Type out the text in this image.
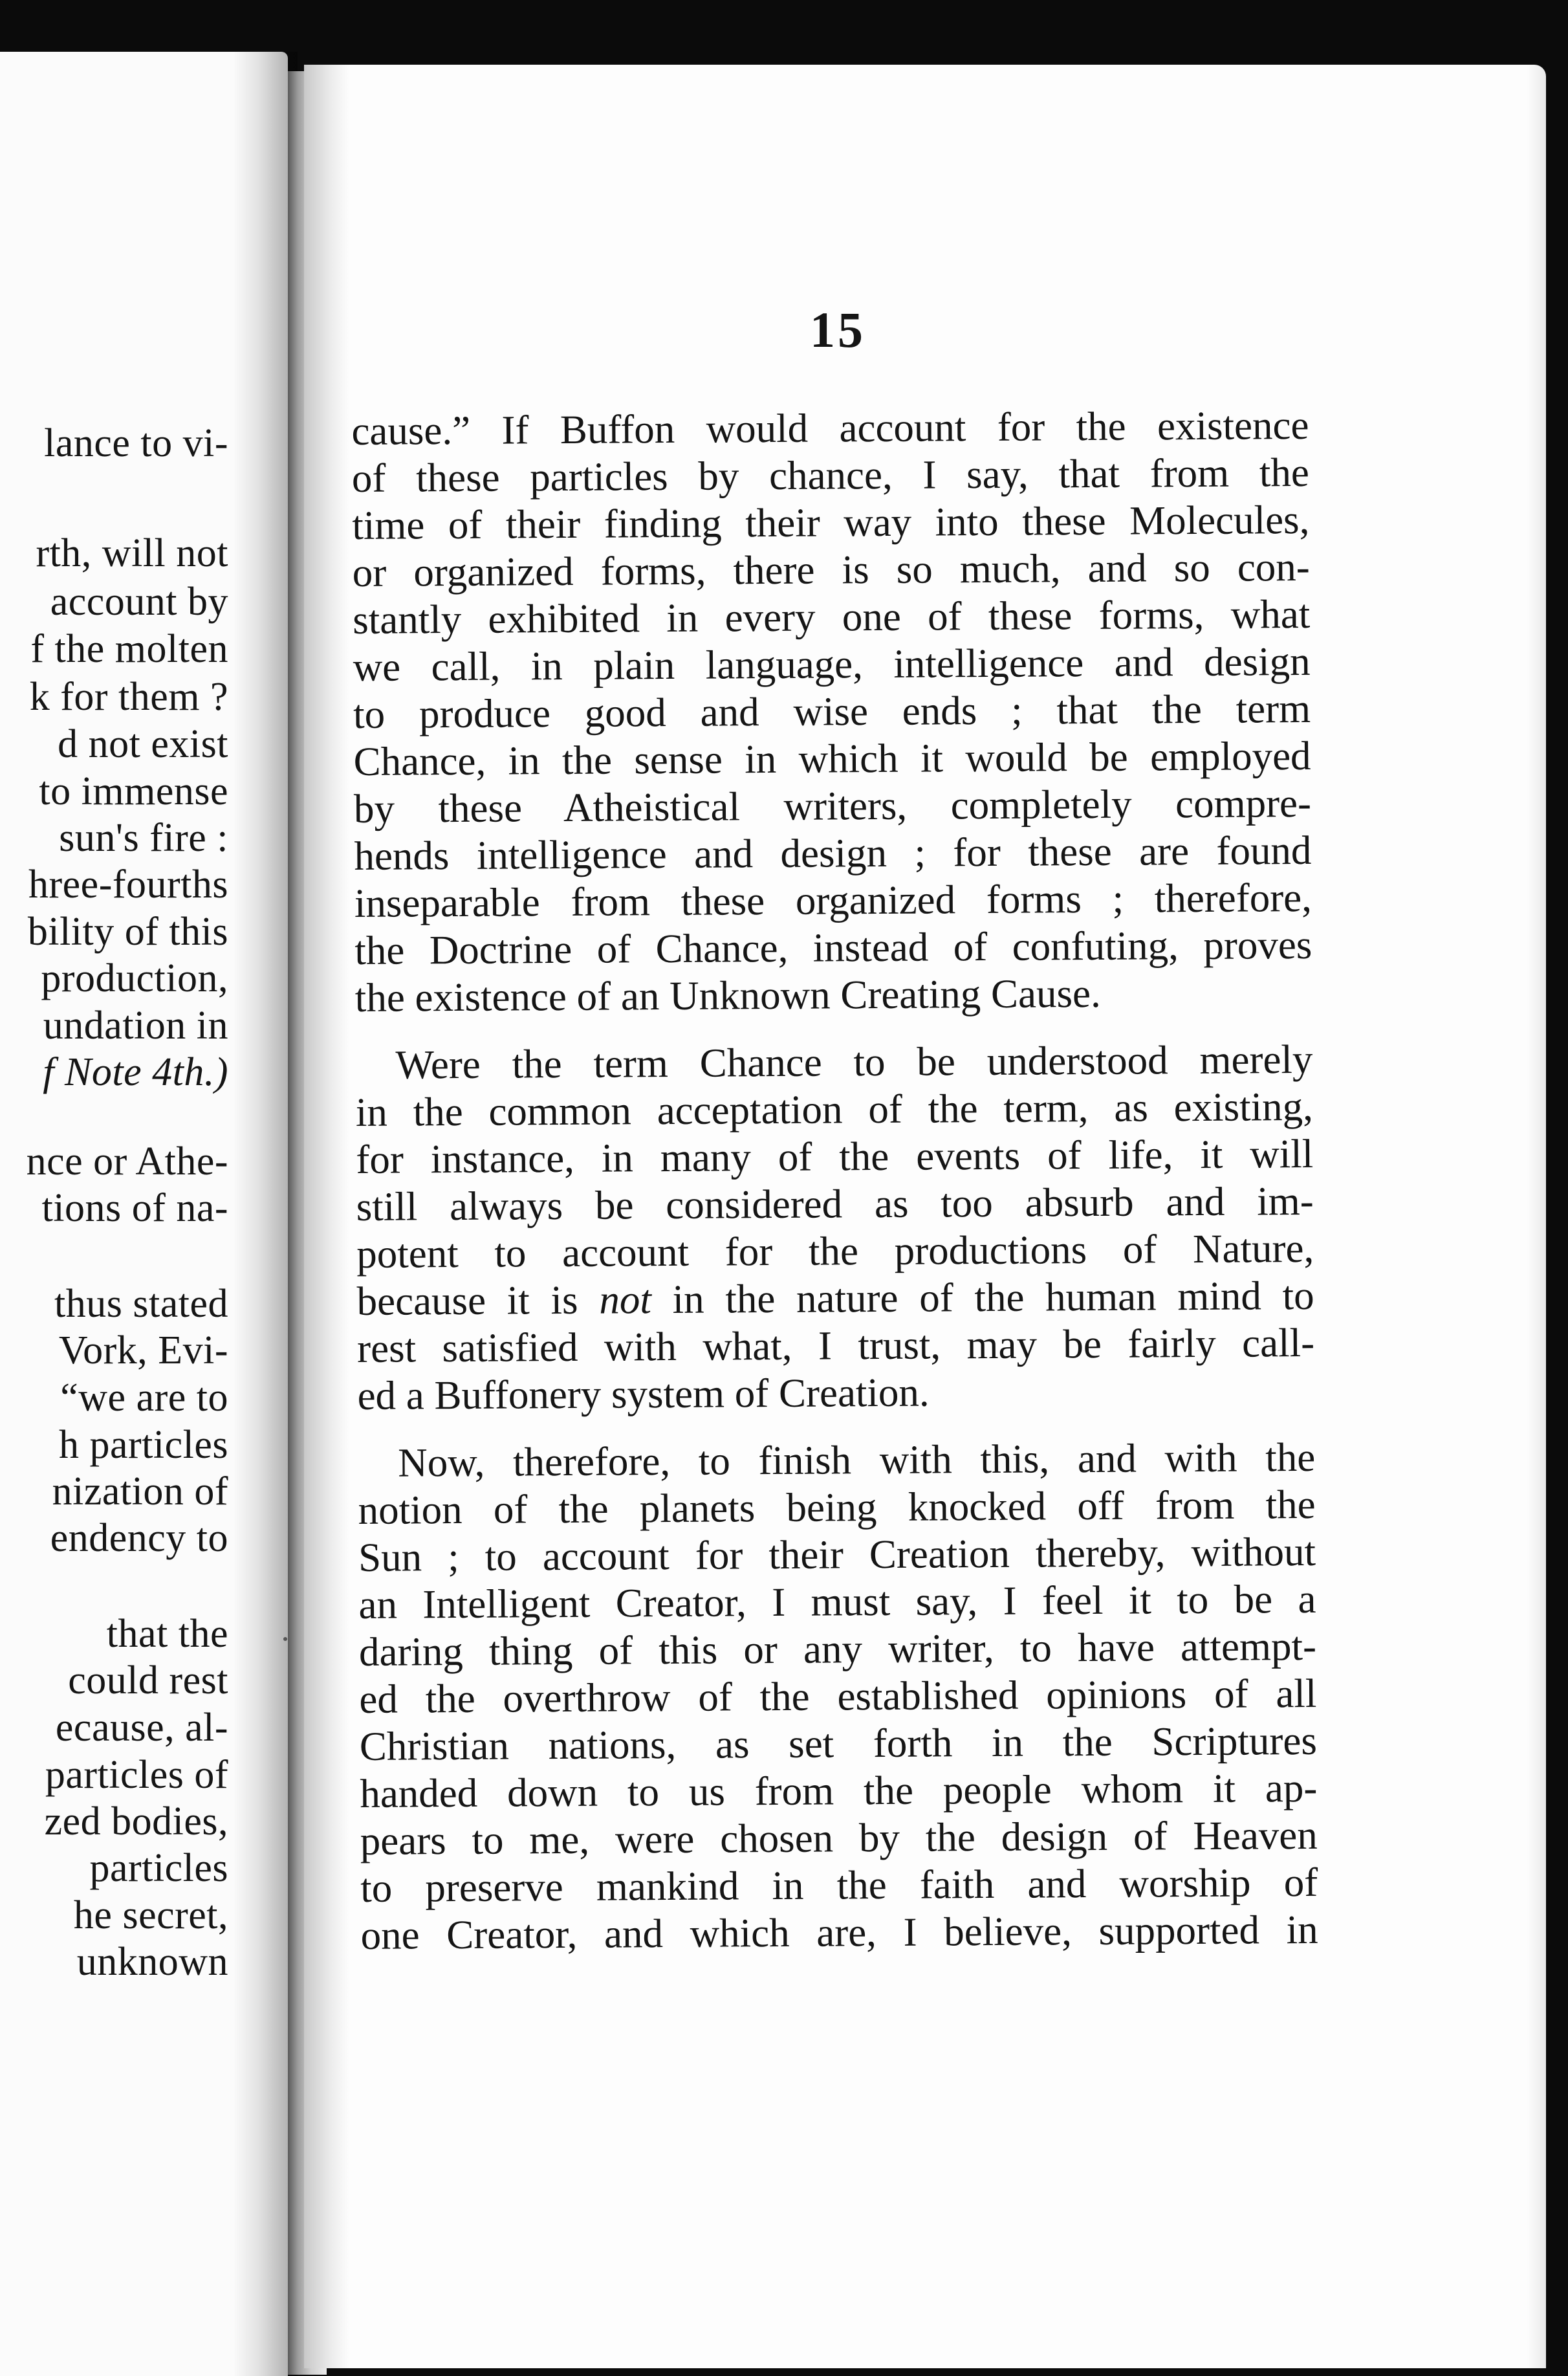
lance to vi-
rth, will not
account by
f the molten
k for them ?
d not exist
to immense
sun's fire :
hree-fourths
bility of this
production,
undation in
f Note 4th.)
nce or Athe-
tions of na-
thus stated
Vork, Evi-
“we are to
h particles
nization of
endency to
that the
could rest
ecause, al-
particles of
zed bodies,
particles
he secret,
unknown
15
cause.” If Buffon would account for the existence
of these particles by chance, I say, that from the
time of their finding their way into these Molecules,
or organized forms, there is so much, and so con-
stantly exhibited in every one of these forms, what
we call, in plain language, intelligence and design
to produce good and wise ends ; that the term
Chance, in the sense in which it would be employed
by these Atheistical writers, completely compre-
hends intelligence and design ; for these are found
inseparable from these organized forms ; therefore,
the Doctrine of Chance, instead of confuting, proves
the existence of an Unknown Creating Cause.
Were the term Chance to be understood merely
in the common acceptation of the term, as existing,
for instance, in many of the events of life, it will
still always be considered as too absurb and im-
potent to account for the productions of Nature,
because it is not in the nature of the human mind to
rest satisfied with what, I trust, may be fairly call-
ed a Buffonery system of Creation.
Now, therefore, to finish with this, and with the
notion of the planets being knocked off from the
Sun ; to account for their Creation thereby, without
an Intelligent Creator, I must say, I feel it to be a
daring thing of this or any writer, to have attempt-
ed the overthrow of the established opinions of all
Christian nations, as set forth in the Scriptures
handed down to us from the people whom it ap-
pears to me, were chosen by the design of Heaven
to preserve mankind in the faith and worship of
one Creator, and which are, I believe, supported in
